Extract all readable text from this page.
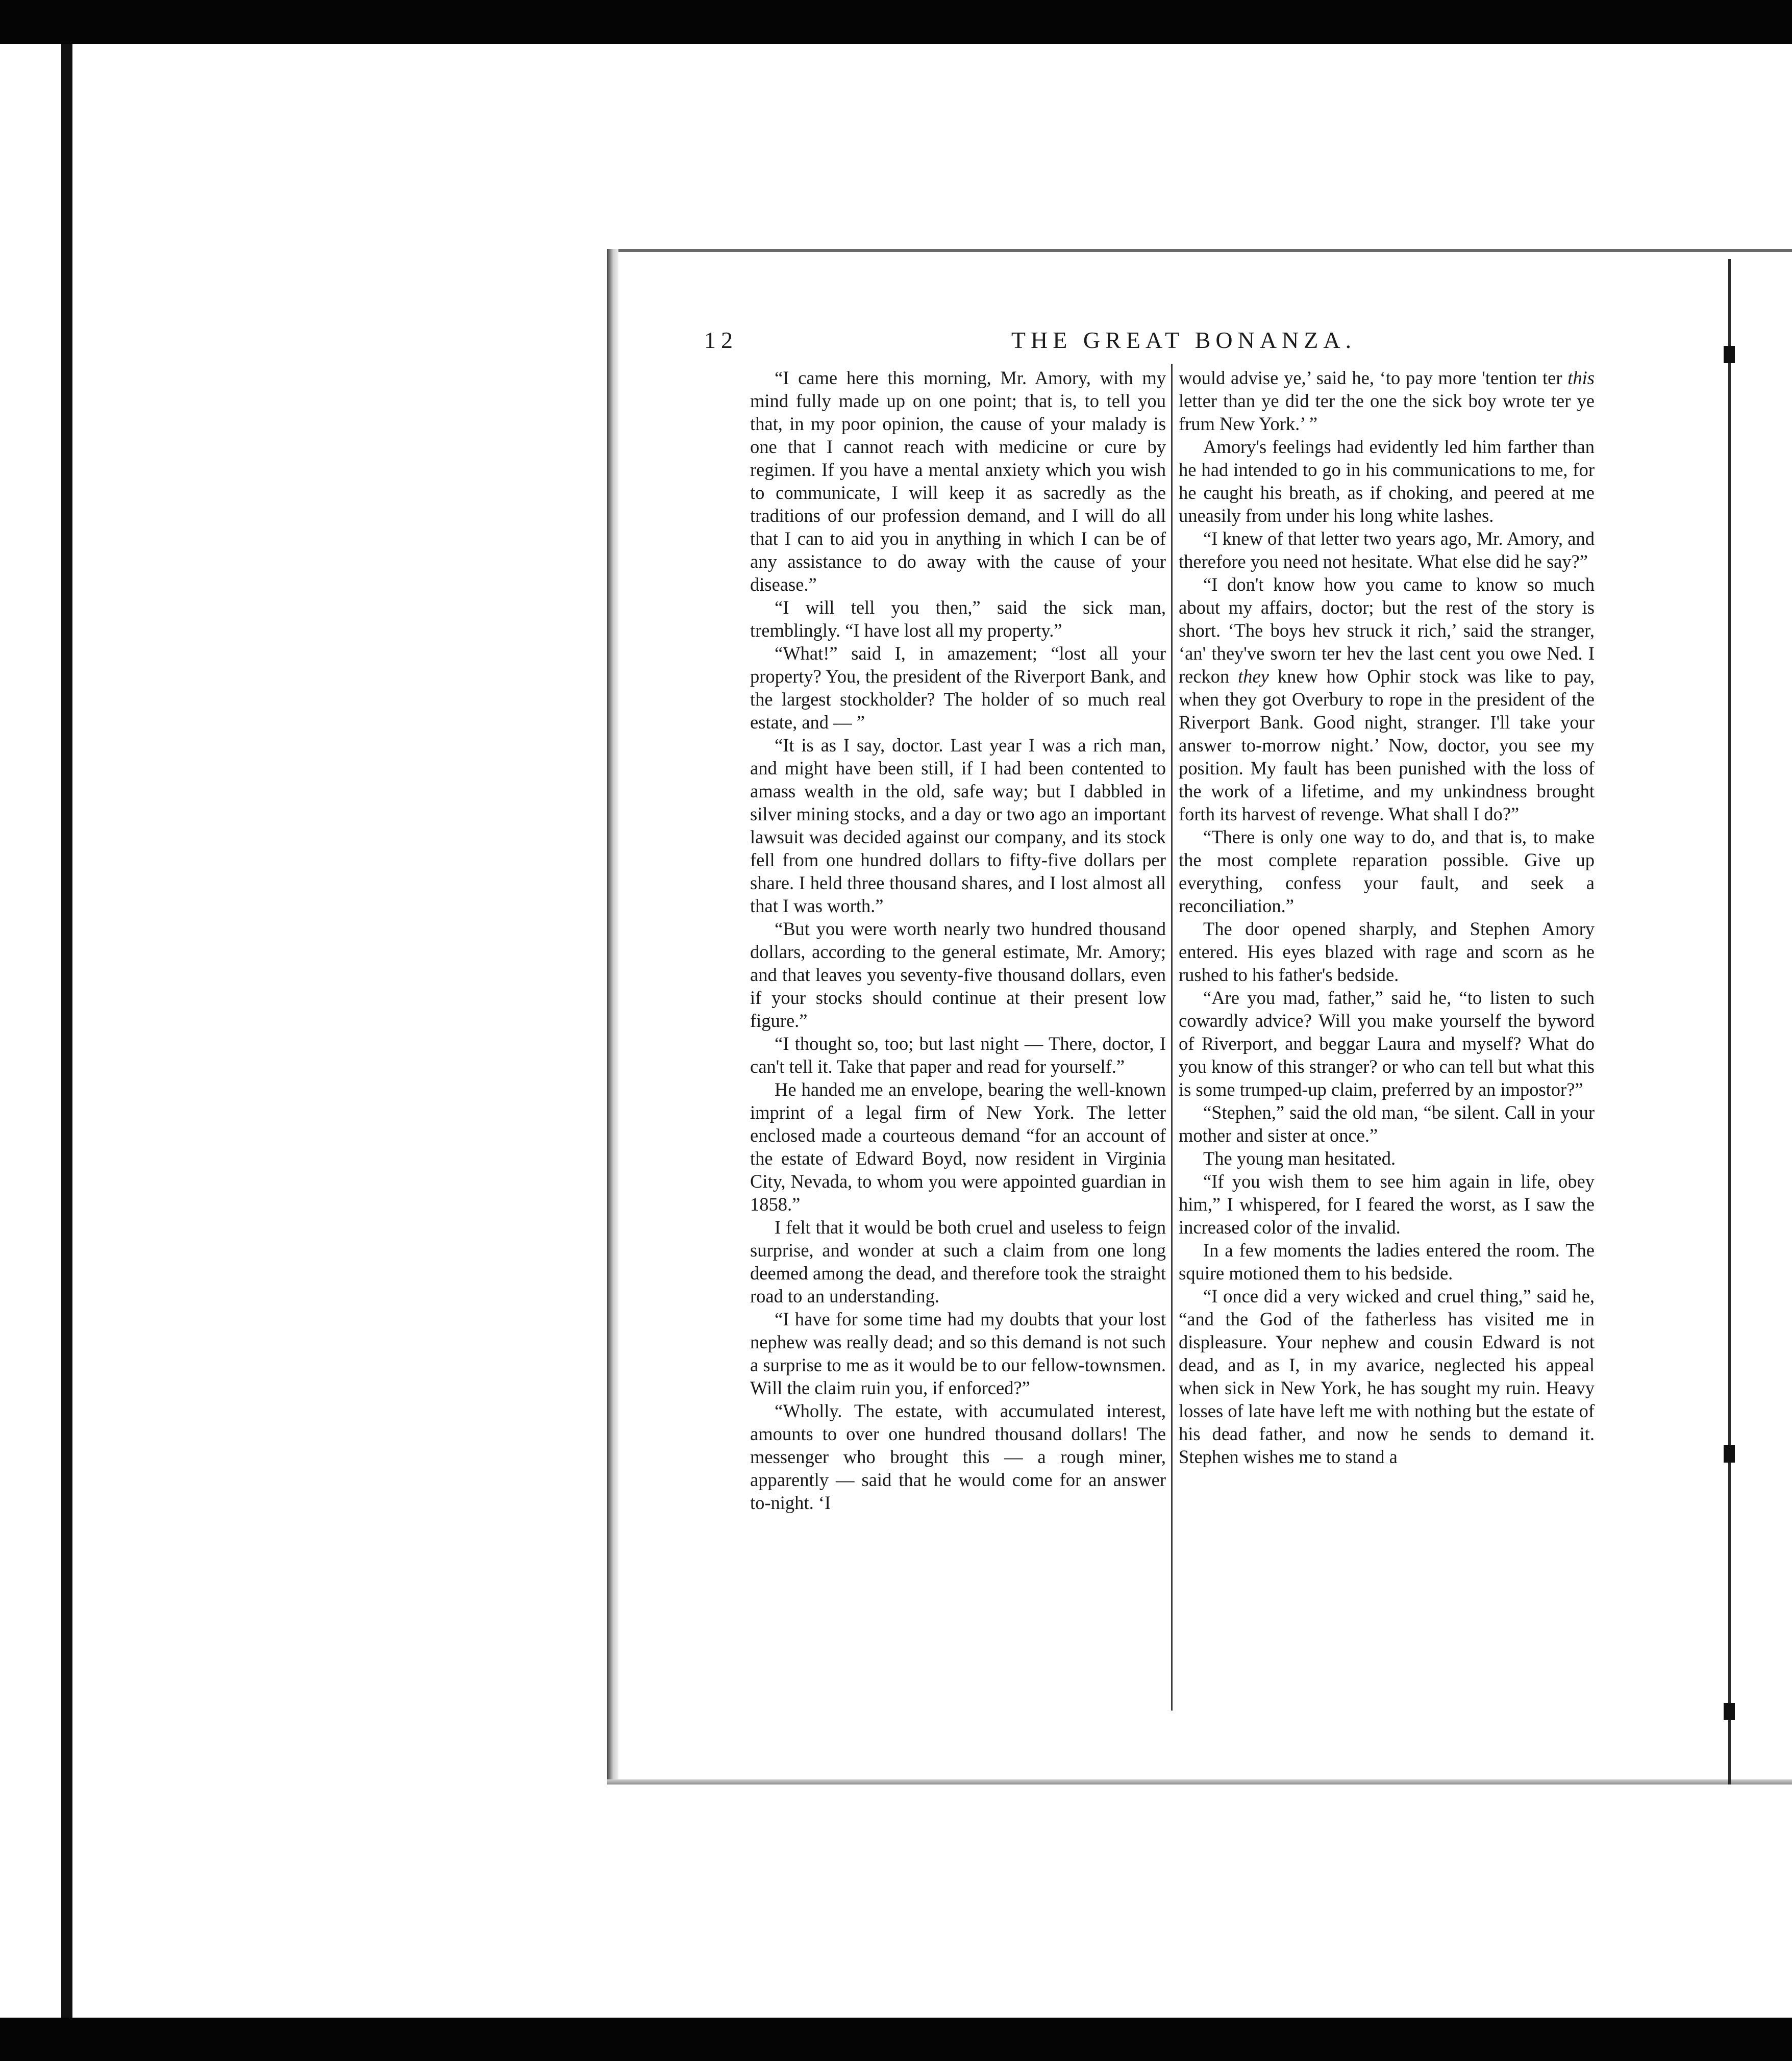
12	THE GREAT BONANZA.

“I came here this morning, Mr. Amory, with my mind fully made up on one point; that is, to tell you that, in my poor opinion, the cause of your malady is one that I cannot reach with medicine or cure by regimen. If you have a mental anxiety which you wish to communicate, I will keep it as sacredly as the traditions of our profession demand, and I will do all that I can to aid you in anything in which I can be of any assistance to do away with the cause of your disease.”

“I will tell you then,” said the sick man, tremblingly. “I have lost all my property.”

“What!” said I, in amazement; “lost all your property? You, the president of the Riverport Bank, and the largest stockholder? The holder of so much real estate, and — ”

“It is as I say, doctor. Last year I was a rich man, and might have been still, if I had been contented to amass wealth in the old, safe way; but I dabbled in silver mining stocks, and a day or two ago an important lawsuit was decided against our company, and its stock fell from one hundred dollars to fifty-five dollars per share. I held three thousand shares, and I lost almost all that I was worth.”

“But you were worth nearly two hundred thousand dollars, according to the general estimate, Mr. Amory; and that leaves you seventy-five thousand dollars, even if your stocks should continue at their present low figure.”

“I thought so, too; but last night — There, doctor, I can't tell it. Take that paper and read for yourself.”

He handed me an envelope, bearing the well-known imprint of a legal firm of New York. The letter enclosed made a courteous demand “for an account of the estate of Edward Boyd, now resident in Virginia City, Nevada, to whom you were appointed guardian in 1858.”

I felt that it would be both cruel and useless to feign surprise, and wonder at such a claim from one long deemed among the dead, and therefore took the straight road to an understanding.

“I have for some time had my doubts that your lost nephew was really dead; and so this demand is not such a surprise to me as it would be to our fellow-townsmen. Will the claim ruin you, if enforced?”

“Wholly. The estate, with accumulated interest, amounts to over one hundred thousand dollars! The messenger who brought this — a rough miner, apparently — said that he would come for an answer to-night. ‘I

would advise ye,’ said he, ‘to pay more 'tention ter this letter than ye did ter the one the sick boy wrote ter ye frum New York.’ ”

Amory's feelings had evidently led him farther than he had intended to go in his communications to me, for he caught his breath, as if choking, and peered at me uneasily from under his long white lashes.

“I knew of that letter two years ago, Mr. Amory, and therefore you need not hesitate. What else did he say?”

“I don't know how you came to know so much about my affairs, doctor; but the rest of the story is short. ‘The boys hev struck it rich,’ said the stranger, ‘an' they've sworn ter hev the last cent you owe Ned. I reckon they knew how Ophir stock was like to pay, when they got Overbury to rope in the president of the Riverport Bank. Good night, stranger. I'll take your answer to-morrow night.’ Now, doctor, you see my position. My fault has been punished with the loss of the work of a lifetime, and my unkindness brought forth its harvest of revenge. What shall I do?”

“There is only one way to do, and that is, to make the most complete reparation possible. Give up everything, confess your fault, and seek a reconciliation.”

The door opened sharply, and Stephen Amory entered. His eyes blazed with rage and scorn as he rushed to his father's bedside.

“Are you mad, father,” said he, “to listen to such cowardly advice? Will you make yourself the byword of Riverport, and beggar Laura and myself? What do you know of this stranger? or who can tell but what this is some trumped-up claim, preferred by an impostor?”

“Stephen,” said the old man, “be silent. Call in your mother and sister at once.”

The young man hesitated.

“If you wish them to see him again in life, obey him,” I whispered, for I feared the worst, as I saw the increased color of the invalid.

In a few moments the ladies entered the room. The squire motioned them to his bedside.

“I once did a very wicked and cruel thing,” said he, “and the God of the fatherless has visited me in displeasure. Your nephew and cousin Edward is not dead, and as I, in my avarice, neglected his appeal when sick in New York, he has sought my ruin. Heavy losses of late have left me with nothing but the estate of his dead father, and now he sends to demand it. Stephen wishes me to stand a
